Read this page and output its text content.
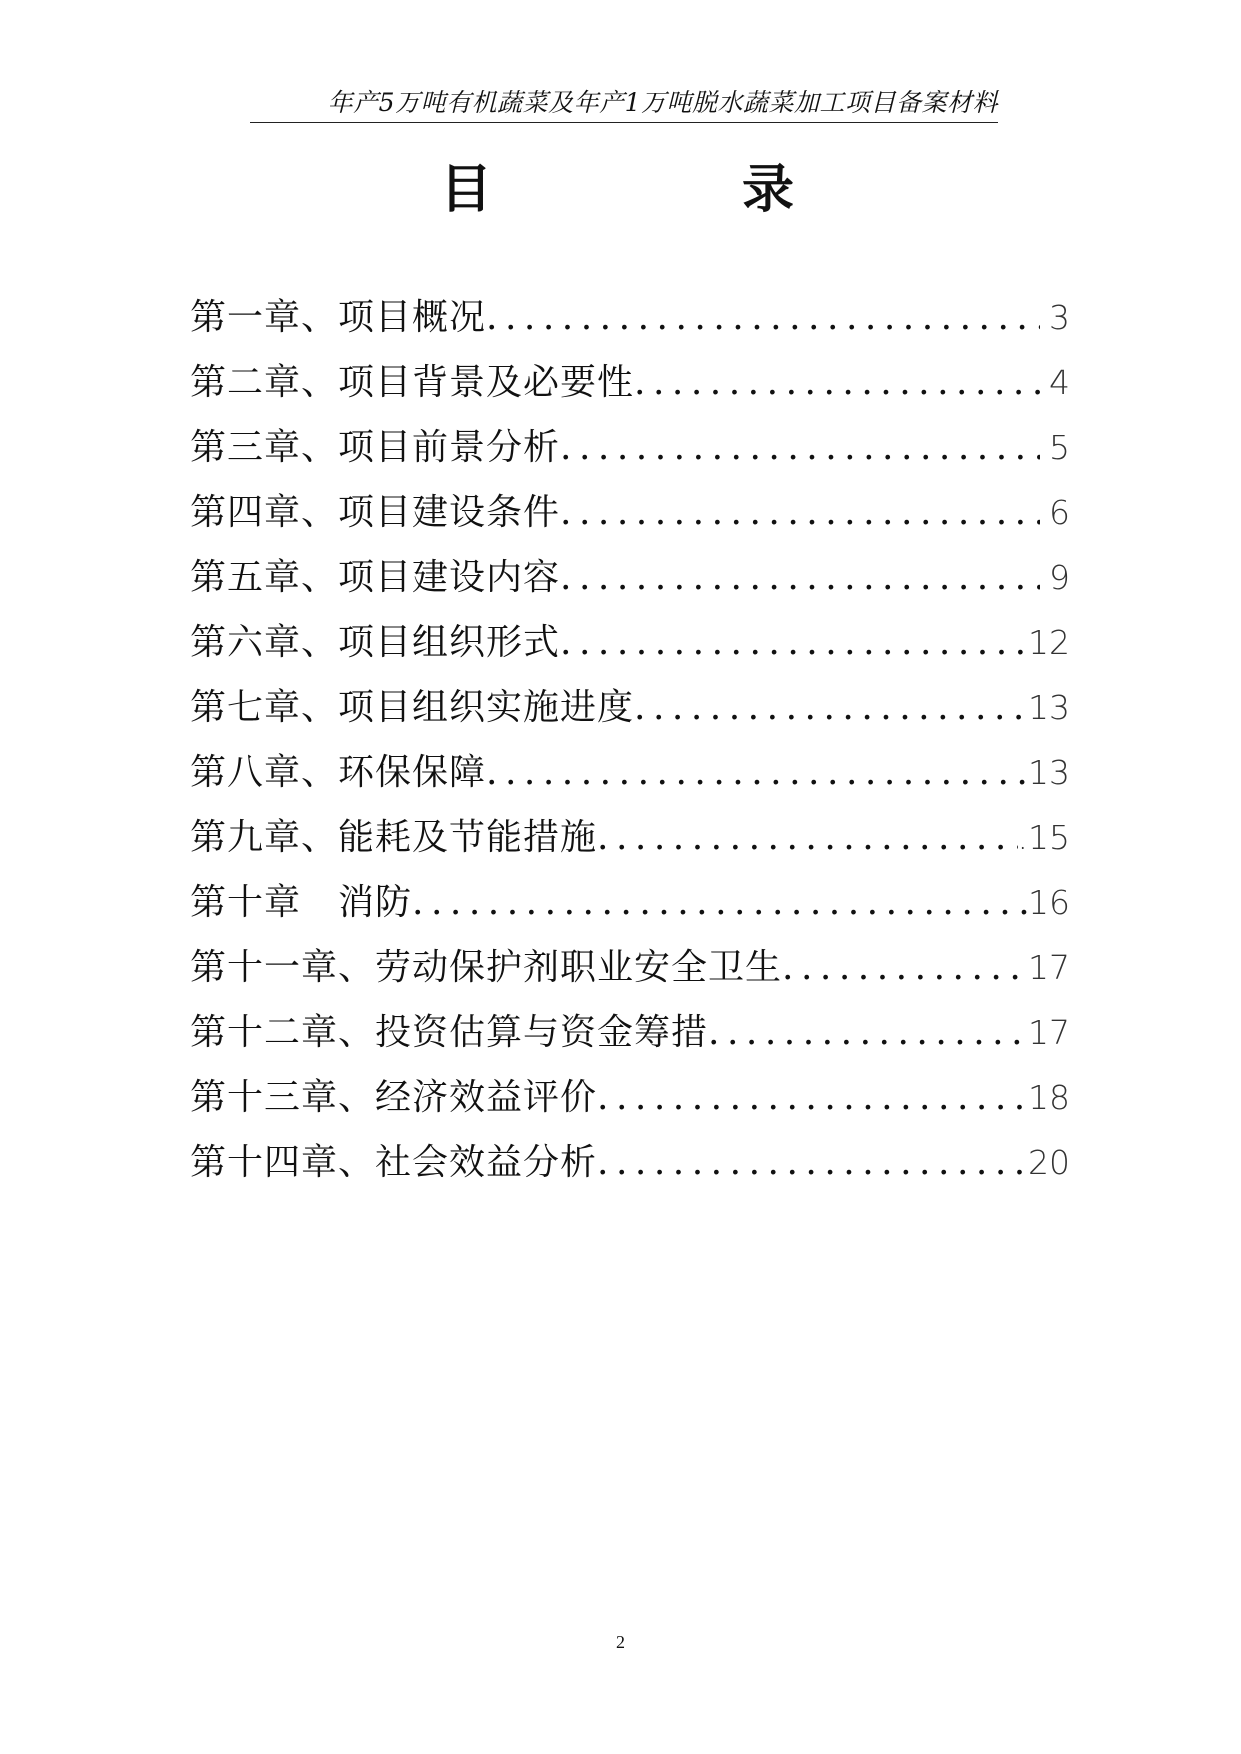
年产5万吨有机蔬菜及年产1万吨脱水蔬菜加工项目备案材料
目	录
第一章、项目概况 .....	3
第二章、项目背景及必要性 .....	4
第三章、项目前景分析 .....	5
第四章、项目建设条件 .....	6
第五章、项目建设内容 .....	9
第六章、项目组织形式 .....	12
第七章、项目组织实施进度 .....	13
第八章、环保保障 .....	13
第九章、能耗及节能措施 .....	.15
第十章　消防 .....	16
第十一章、劳动保护剂职业安全卫生 .....	17
第十二章、投资估算与资金筹措 .....	17
第十三章、经济效益评价 .....	18
第十四章、社会效益分析 .....	20
2
